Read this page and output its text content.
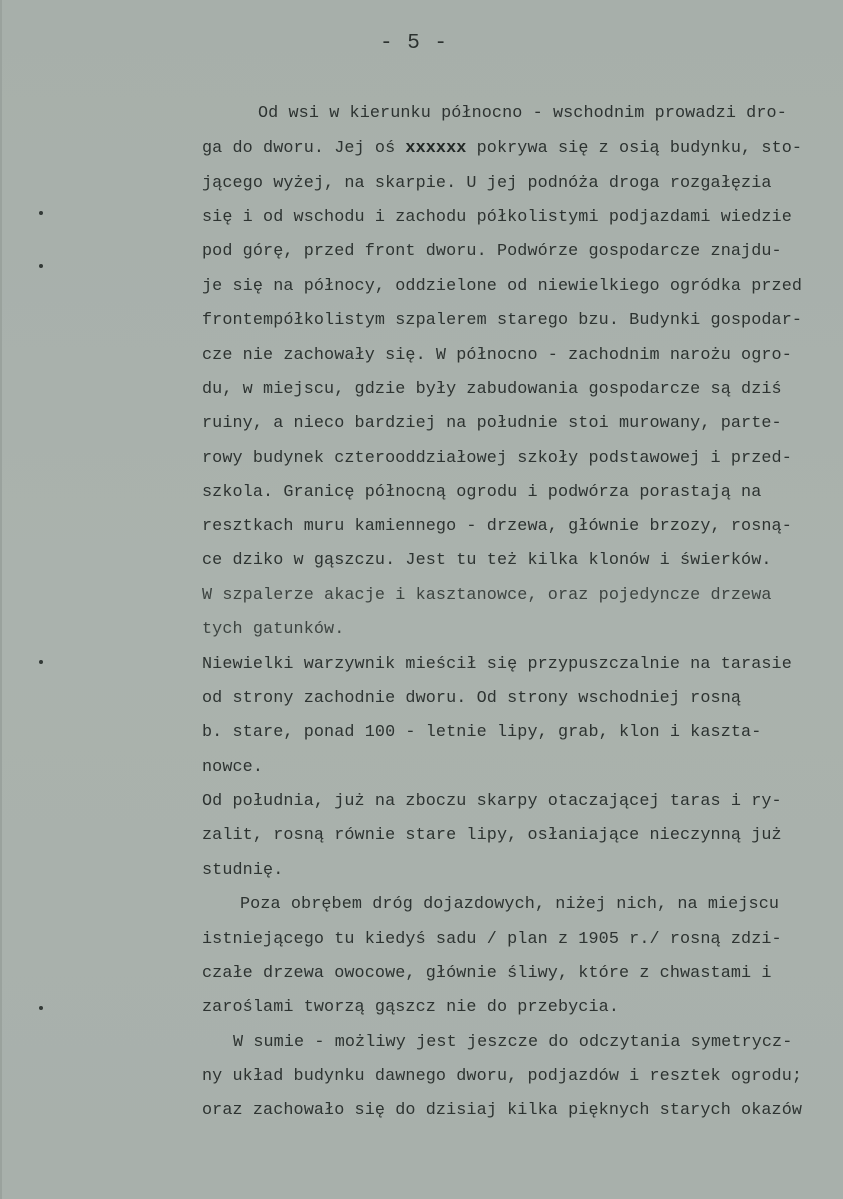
- 5 -
Od wsi w kierunku północno - wschodnim prowadzi dro-
ga do dworu. Jej oś xxxxxx pokrywa się z osią budynku, sto-
jącego wyżej, na skarpie. U jej podnóża droga rozgałęzia
się i od wschodu i zachodu półkolistymi podjazdami wiedzie
pod górę, przed front dworu. Podwórze gospodarcze znajdu-
je się na północy, oddzielone od niewielkiego ogródka przed
frontempółkolistym szpalerem starego bzu. Budynki gospodar-
cze nie zachowały się. W północno - zachodnim narożu ogro-
du, w miejscu, gdzie były zabudowania gospodarcze są dziś
ruiny, a nieco bardziej na południe stoi murowany, parte-
rowy budynek czterooddziałowej szkoły podstawowej i przed-
szkola. Granicę północną ogrodu i podwórza porastają na
resztkach muru kamiennego - drzewa, głównie brzozy, rosną-
ce dziko w gąszczu. Jest tu też kilka klonów i świerków.
W szpalerze akacje i kasztanowce, oraz pojedyncze drzewa
tych gatunków.
Niewielki warzywnik mieścił się przypuszczalnie na tarasie
od strony zachodnie dworu. Od strony wschodniej rosną
b. stare, ponad 100 - letnie lipy, grab, klon i kaszta-
nowce.
Od południa, już na zboczu skarpy otaczającej taras i ry-
zalit, rosną równie stare lipy, osłaniające nieczynną już
studnię.
Poza obrębem dróg dojazdowych, niżej nich, na miejscu
istniejącego tu kiedyś sadu / plan z 1905 r./ rosną zdzi-
czałe drzewa owocowe, głównie śliwy, które z chwastami i
zaroślami tworzą gąszcz nie do przebycia.
W sumie - możliwy jest jeszcze do odczytania symetrycz-
ny układ budynku dawnego dworu, podjazdów i resztek ogrodu;
oraz zachowało się do dzisiaj kilka pięknych starych okazów
